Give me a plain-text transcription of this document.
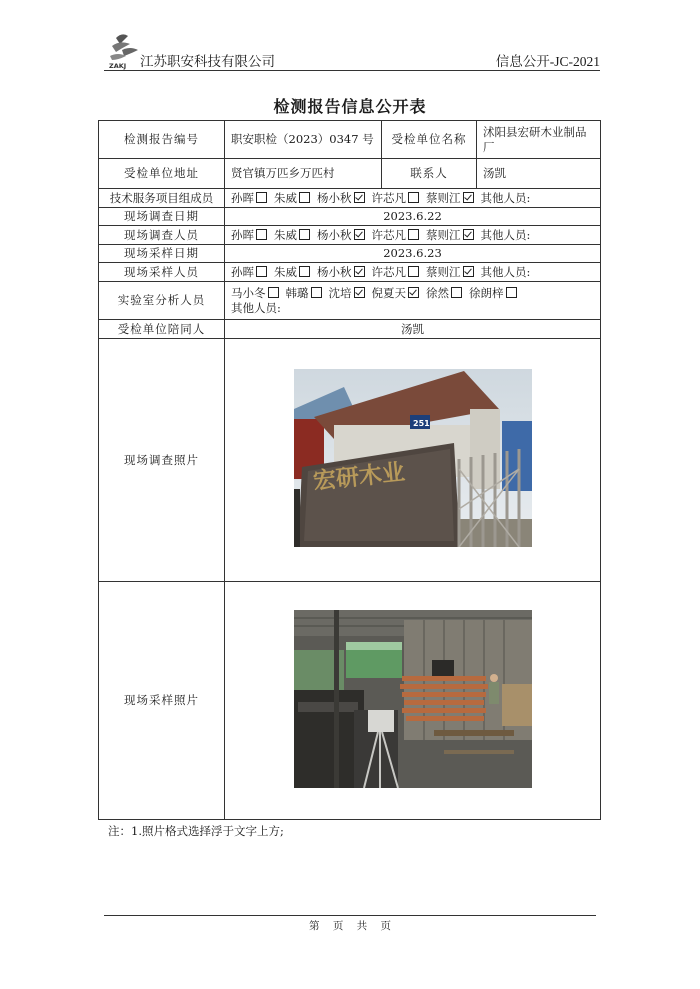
ZAKJ 江苏职安科技有限公司	信息公开-JC-2021
检测报告信息公开表
检测报告编号	职安职检（2023）0347 号	受检单位名称	沭阳县宏研木业制品厂
受检单位地址	贤官镇万匹乡万匹村	联系人	汤凯
技术服务项目组成员	孙晖 朱威 杨小秋 许芯凡 蔡则江 其他人员:		
现场调查日期	2023.6.22		
现场调查人员	孙晖 朱威 杨小秋 许芯凡 蔡则江 其他人员:		
现场采样日期	2023.6.23		
现场采样人员	孙晖 朱威 杨小秋 许芯凡 蔡则江 其他人员:		
实验室分析人员	马小冬 韩璐 沈培 倪夏天 徐然 徐朗梓
其他人员:		

受检单位陪同人	汤凯		
现场调查照片	251
宏研木业		

现场采样照片	
注：1.照片格式选择浮于文字上方;
第 页 共 页
